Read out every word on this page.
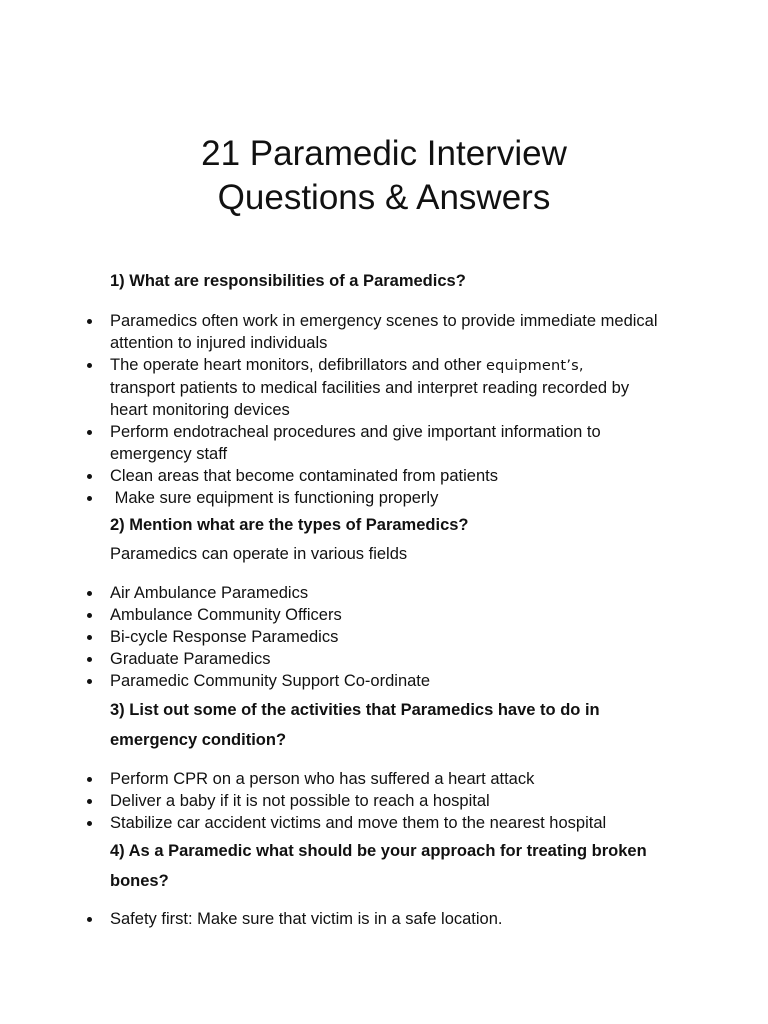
21 Paramedic Interview
Questions & Answers

1) What are responsibilities of a Paramedics?

Paramedics often work in emergency scenes to provide immediate medical attention to injured individuals
The operate heart monitors, defibrillators and other equipment’s,
transport patients to medical facilities and interpret reading recorded by heart monitoring devices
Perform endotracheal procedures and give important information to emergency staff
Clean areas that become contaminated from patients
Make sure equipment is functioning properly

2) Mention what are the types of Paramedics?

Paramedics can operate in various fields

Air Ambulance Paramedics
Ambulance Community Officers
Bi-cycle Response Paramedics
Graduate Paramedics
Paramedic Community Support Co-ordinate

3) List out some of the activities that Paramedics have to do in emergency condition?

Perform CPR on a person who has suffered a heart attack
Deliver a baby if it is not possible to reach a hospital
Stabilize car accident victims and move them to the nearest hospital

4) As a Paramedic what should be your approach for treating broken bones?

Safety first: Make sure that victim is in a safe location.
